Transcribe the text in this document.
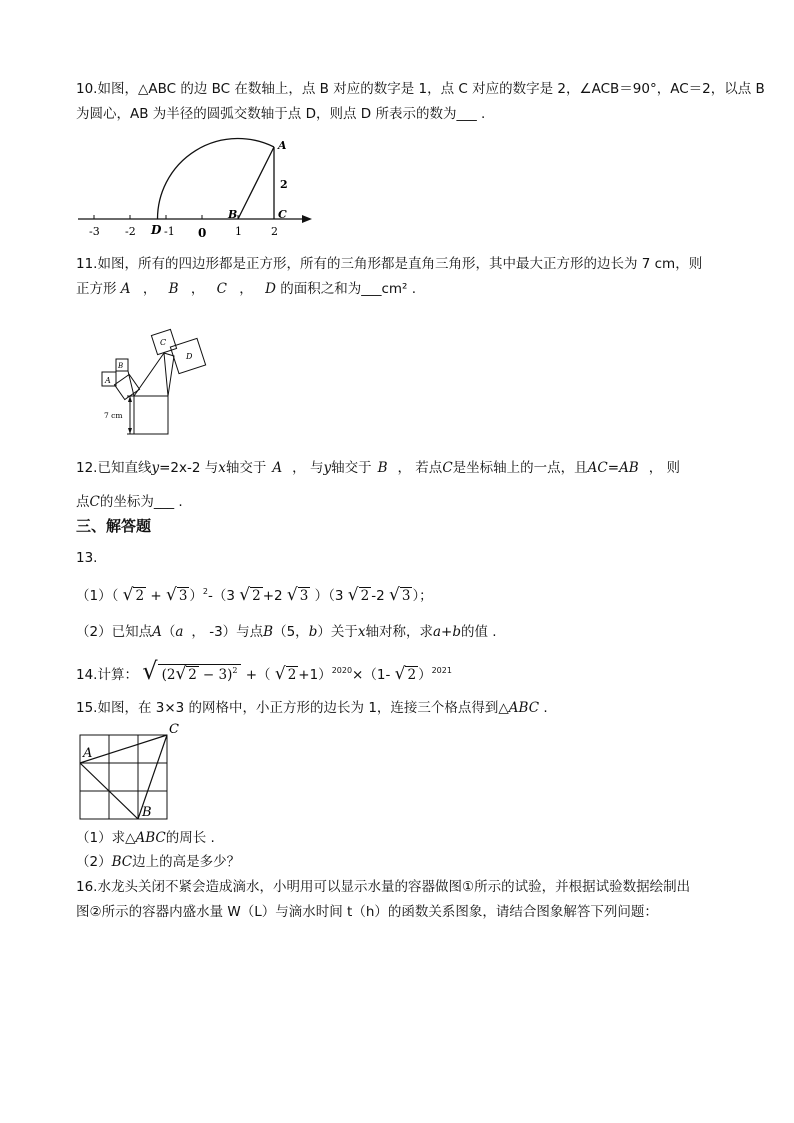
10.如图，△ABC 的边 BC 在数轴上，点 B 对应的数字是 1，点 C 对应的数字是 2，∠ACB＝90°，AC＝2，以点 B
为圆心，AB 为半径的圆弧交数轴于点 D，则点 D 所表示的数为___ .
-3 -2	-1 0	1	2
A
B	C
D
2
11.如图，所有的四边形都是正方形，所有的三角形都是直角三角形，其中最大正方形的边长为 7 cm，则
正方形 A ， B ， C ， D 的面积之和为___cm² .
A
B
C
D
7 cm
12.已知直线y=2x-2 与x轴交于 A ， 与y轴交于 B ， 若点C是坐标轴上的一点，且AC=AB ， 则
点C的坐标为___ .
三、解答题
13.
（1）（ √ 2 + √ 3 ）$^2$-（3 √ 2 +2 √ 3 ）（3 √ 2 -2 √ 3 ）；
（2）已知点A（a ， -3）与点B（5，b）关于x轴对称，求a+b的值 .
14.计算： √ (2√ 2 − 3)$^2$ +（ √ 2 +1）$^{2020}$×（1- √ 2 ）$^{2021}$
15.如图，在 3×3 的网格中，小正方形的边长为 1，连接三个格点得到△ABC .
A
B
C
（1）求△ABC的周长 .
（2）BC边上的高是多少？
16.水龙头关闭不紧会造成滴水，小明用可以显示水量的容器做图①所示的试验，并根据试验数据绘制出
图②所示的容器内盛水量 W（L）与滴水时间 t（h）的函数关系图象，请结合图象解答下列问题：
